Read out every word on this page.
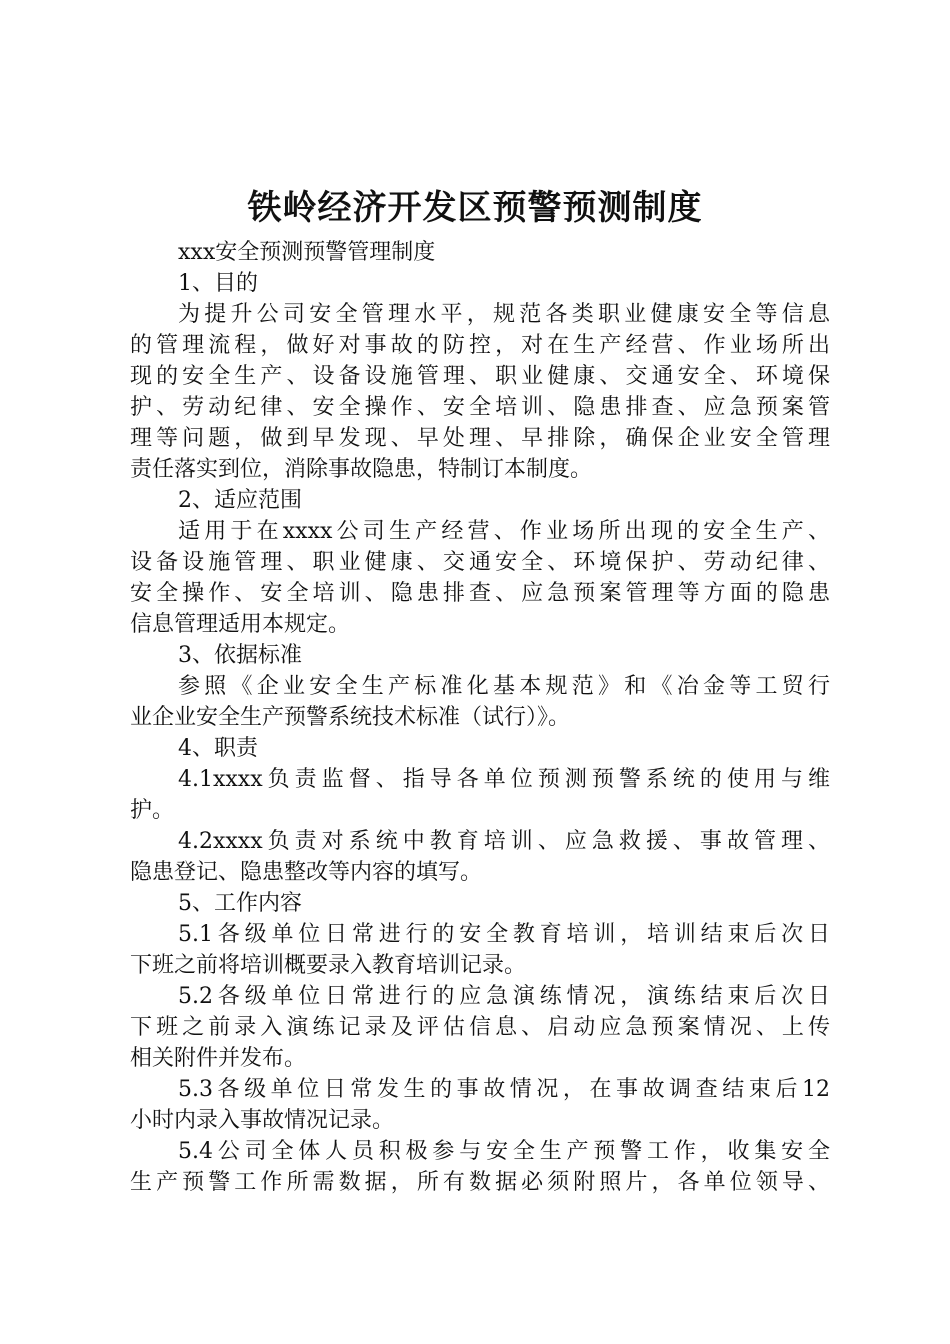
铁岭经济开发区预警预测制度
xxx安全预测预警管理制度
1、目的
为提升公司安全管理水平，规范各类职业健康安全等信息
的管理流程，做好对事故的防控，对在生产经营、作业场所出
现的安全生产、设备设施管理、职业健康、交通安全、环境保
护、劳动纪律、安全操作、安全培训、隐患排查、应急预案管
理等问题，做到早发现、早处理、早排除，确保企业安全管理
责任落实到位，消除事故隐患，特制订本制度。
2、适应范围
适用于在xxxx公司生产经营、作业场所出现的安全生产、
设备设施管理、职业健康、交通安全、环境保护、劳动纪律、
安全操作、安全培训、隐患排查、应急预案管理等方面的隐患
信息管理适用本规定。
3、依据标准
参照《企业安全生产标准化基本规范》和《冶金等工贸行
业企业安全生产预警系统技术标准（试行）》。
4、职责
4.1xxxx负责监督、指导各单位预测预警系统的使用与维
护。
4.2xxxx负责对系统中教育培训、应急救援、事故管理、
隐患登记、隐患整改等内容的填写。
5、工作内容
5.1各级单位日常进行的安全教育培训，培训结束后次日
下班之前将培训概要录入教育培训记录。
5.2各级单位日常进行的应急演练情况，演练结束后次日
下班之前录入演练记录及评估信息、启动应急预案情况、上传
相关附件并发布。
5.3各级单位日常发生的事故情况，在事故调查结束后12
小时内录入事故情况记录。
5.4公司全体人员积极参与安全生产预警工作，收集安全
生产预警工作所需数据，所有数据必须附照片，各单位领导、
